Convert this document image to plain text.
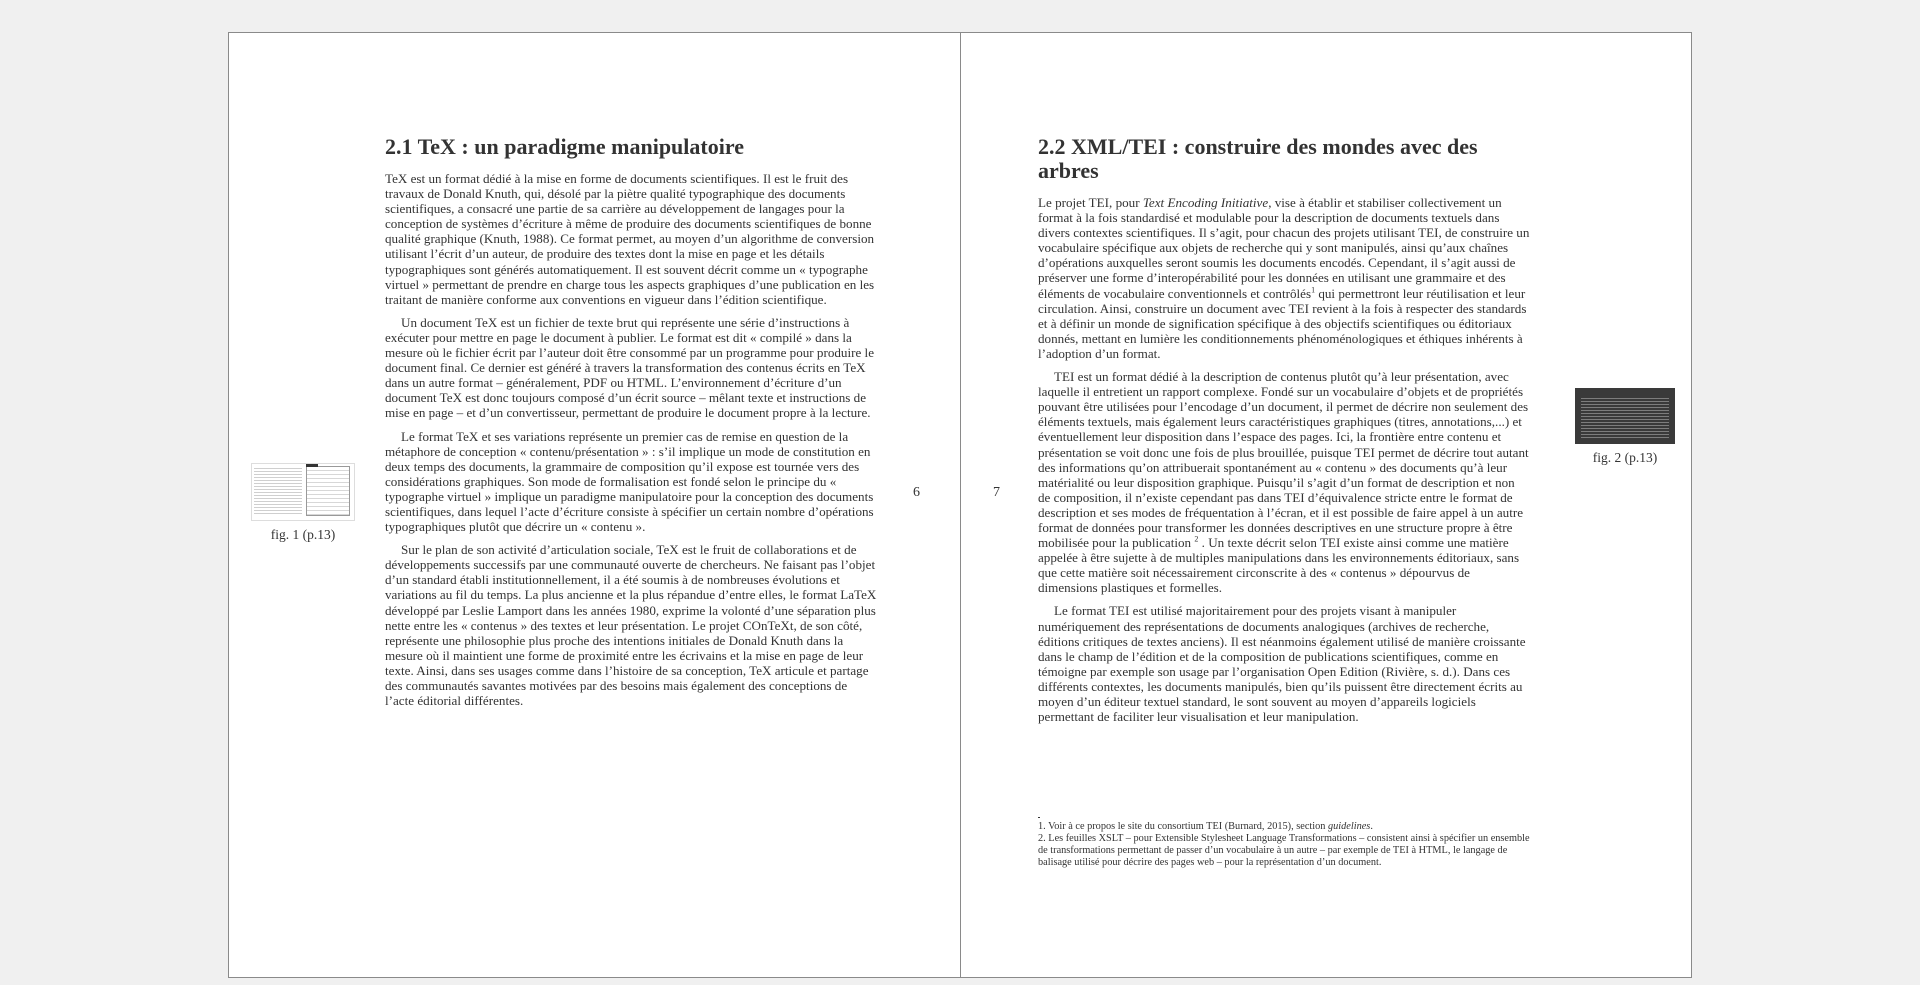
2.1 TeX : un paradigme manipulatoire

TeX est un format dédié à la mise en forme de documents scientifiques. Il est le fruit des travaux de Donald Knuth, qui, désolé par la piètre qualité typographique des documents scientifiques, a consacré une partie de sa carrière au développement de langages pour la conception de systèmes d’écriture à même de produire des documents scientifiques de bonne qualité graphique (Knuth, 1988). Ce format permet, au moyen d’un algorithme de conversion utilisant l’écrit d’un auteur, de produire des textes dont la mise en page et les détails typographiques sont générés automatiquement. Il est souvent décrit comme un « typographe virtuel » permettant de prendre en charge tous les aspects graphiques d’une publication en les traitant de manière conforme aux conventions en vigueur dans l’édition scientifique.

Un document TeX est un fichier de texte brut qui représente une série d’instructions à exécuter pour mettre en page le document à publier. Le format est dit « compilé » dans la mesure où le fichier écrit par l’auteur doit être consommé par un programme pour produire le document final. Ce dernier est généré à travers la transformation des contenus écrits en TeX dans un autre format – généralement, PDF ou HTML. L’environnement d’écriture d’un document TeX est donc toujours composé d’un écrit source – mêlant texte et instructions de mise en page – et d’un convertisseur, permettant de produire le document propre à la lecture.

Le format TeX et ses variations représente un premier cas de remise en question de la métaphore de conception « contenu/présentation » : s’il implique un mode de constitution en deux temps des documents, la grammaire de composition qu’il expose est tournée vers des considérations graphiques. Son mode de formalisation est fondé selon le principe du « typographe virtuel » implique un paradigme manipulatoire pour la conception des documents scientifiques, dans lequel l’acte d’écriture consiste à spécifier un certain nombre d’opérations typographiques plutôt que décrire un « contenu ».

Sur le plan de son activité d’articulation sociale, TeX est le fruit de collaborations et de développements successifs par une communauté ouverte de chercheurs. Ne faisant pas l’objet d’un standard établi institutionnellement, il a été soumis à de nombreuses évolutions et variations au fil du temps. La plus ancienne et la plus répandue d’entre elles, le format LaTeX développé par Leslie Lamport dans les années 1980, exprime la volonté d’une séparation plus nette entre les « contenus » des textes et leur présentation. Le projet COnTeXt, de son côté, représente une philosophie plus proche des intentions initiales de Donald Knuth dans la mesure où il maintient une forme de proximité entre les écrivains et la mise en page de leur texte. Ainsi, dans ses usages comme dans l’histoire de sa conception, TeX articule et partage des communautés savantes motivées par des besoins mais également des conceptions de l’acte éditorial différentes.

fig. 1 (p.13)
6	7
2.2 XML/TEI : construire des mondes avec des arbres

Le projet TEI, pour Text Encoding Initiative, vise à établir et stabiliser collectivement un format à la fois standardisé et modulable pour la description de documents textuels dans divers contextes scientifiques. Il s’agit, pour chacun des projets utilisant TEI, de construire un vocabulaire spécifique aux objets de recherche qui y sont manipulés, ainsi qu’aux chaînes d’opérations auxquelles seront soumis les documents encodés. Cependant, il s’agit aussi de préserver une forme d’interopérabilité pour les données en utilisant une grammaire et des éléments de vocabulaire conventionnels et contrôlés$^1$ qui permettront leur réutilisation et leur circulation. Ainsi, construire un document avec TEI revient à la fois à respecter des standards et à définir un monde de signification spécifique à des objectifs scientifiques ou éditoriaux donnés, mettant en lumière les conditionnements phénoménologiques et éthiques inhérents à l’adoption d’un format.

TEI est un format dédié à la description de contenus plutôt qu’à leur présentation, avec laquelle il entretient un rapport complexe. Fondé sur un vocabulaire d’objets et de propriétés pouvant être utilisées pour l’encodage d’un document, il permet de décrire non seulement des éléments textuels, mais également leurs caractéristiques graphiques (titres, annotations,...) et éventuellement leur disposition dans l’espace des pages. Ici, la frontière entre contenu et présentation se voit donc une fois de plus brouillée, puisque TEI permet de décrire tout autant des informations qu’on attribuerait spontanément au « contenu » des documents qu’à leur matérialité ou leur disposition graphique. Puisqu’il s’agit d’un format de description et non de composition, il n’existe cependant pas dans TEI d’équivalence stricte entre le format de description et ses modes de fréquentation à l’écran, et il est possible de faire appel à un autre format de données pour transformer les données descriptives en une structure propre à être mobilisée pour la publication $^2$ . Un texte décrit selon TEI existe ainsi comme une matière appelée à être sujette à de multiples manipulations dans les environnements éditoriaux, sans que cette matière soit nécessairement circonscrite à des « contenus » dépourvus de dimensions plastiques et formelles.

Le format TEI est utilisé majoritairement pour des projets visant à manipuler numériquement des représentations de documents analogiques (archives de recherche, éditions critiques de textes anciens). Il est néanmoins également utilisé de manière croissante dans le champ de l’édition et de la composition de publications scientifiques, comme en témoigne par exemple son usage par l’organisation Open Edition (Rivière, s. d.). Dans ces différents contextes, les documents manipulés, bien qu’ils puissent être directement écrits au moyen d’un éditeur textuel standard, le sont souvent au moyen d’appareils logiciels permettant de faciliter leur visualisation et leur manipulation.

fig. 2 (p.13)
1. Voir à ce propos le site du consortium TEI (Burnard, 2015), section guidelines.
2. Les feuilles XSLT – pour Extensible Stylesheet Language Transformations – consistent ainsi à spécifier un ensemble de transformations permettant de passer d’un vocabulaire à un autre – par exemple de TEI à HTML, le langage de balisage utilisé pour décrire des pages web – pour la représentation d’un document.
